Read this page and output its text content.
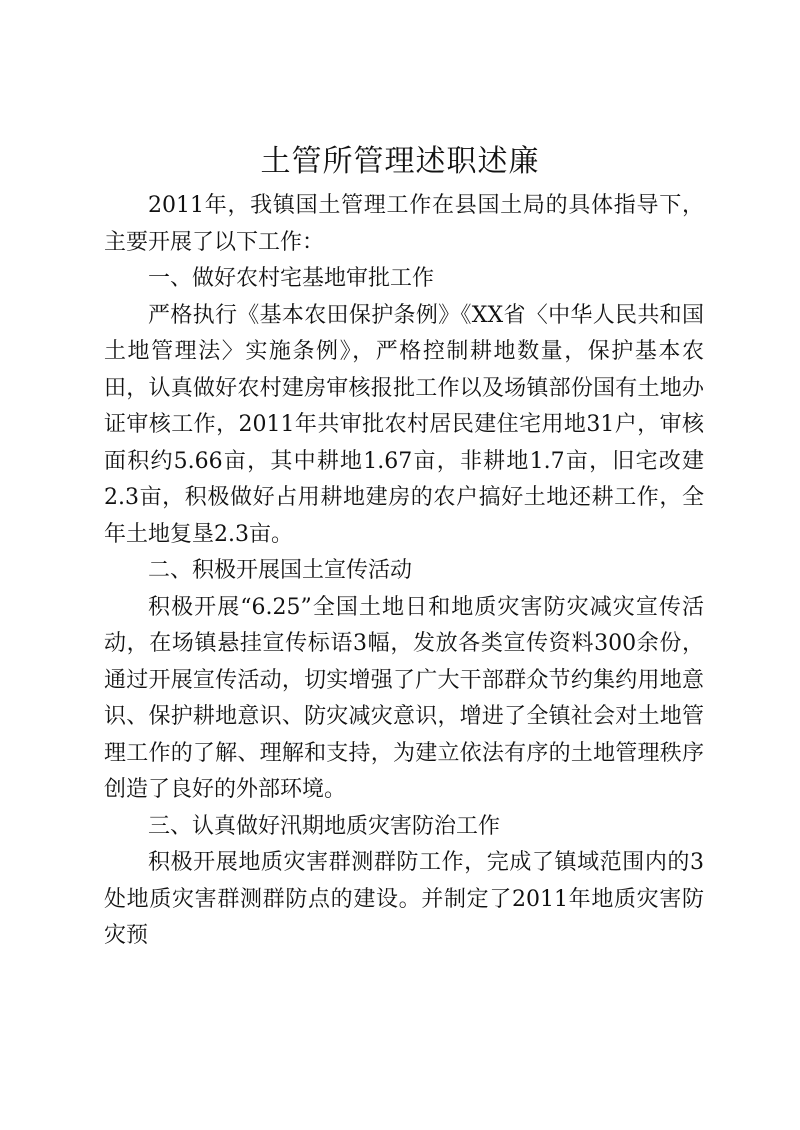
土管所管理述职述廉

2011年，我镇国土管理工作在县国土局的具体指导下，主要开展了以下工作：

一、做好农村宅基地审批工作

严格执行《基本农田保护条例》《XX省〈中华人民共和国土地管理法〉实施条例》，严格控制耕地数量，保护基本农田，认真做好农村建房审核报批工作以及场镇部份国有土地办证审核工作，2011年共审批农村居民建住宅用地31户，审核面积约5.66亩，其中耕地1.67亩，非耕地1.7亩，旧宅改建2.3亩，积极做好占用耕地建房的农户搞好土地还耕工作，全年土地复垦2.3亩。

二、积极开展国土宣传活动

积极开展“6.25”全国土地日和地质灾害防灾减灾宣传活动，在场镇悬挂宣传标语3幅，发放各类宣传资料300余份，通过开展宣传活动，切实增强了广大干部群众节约集约用地意识、保护耕地意识、防灾减灾意识，增进了全镇社会对土地管理工作的了解、理解和支持，为建立依法有序的土地管理秩序创造了良好的外部环境。

三、认真做好汛期地质灾害防治工作

积极开展地质灾害群测群防工作，完成了镇域范围内的3处地质灾害群测群防点的建设。并制定了2011年地质灾害防灾预
